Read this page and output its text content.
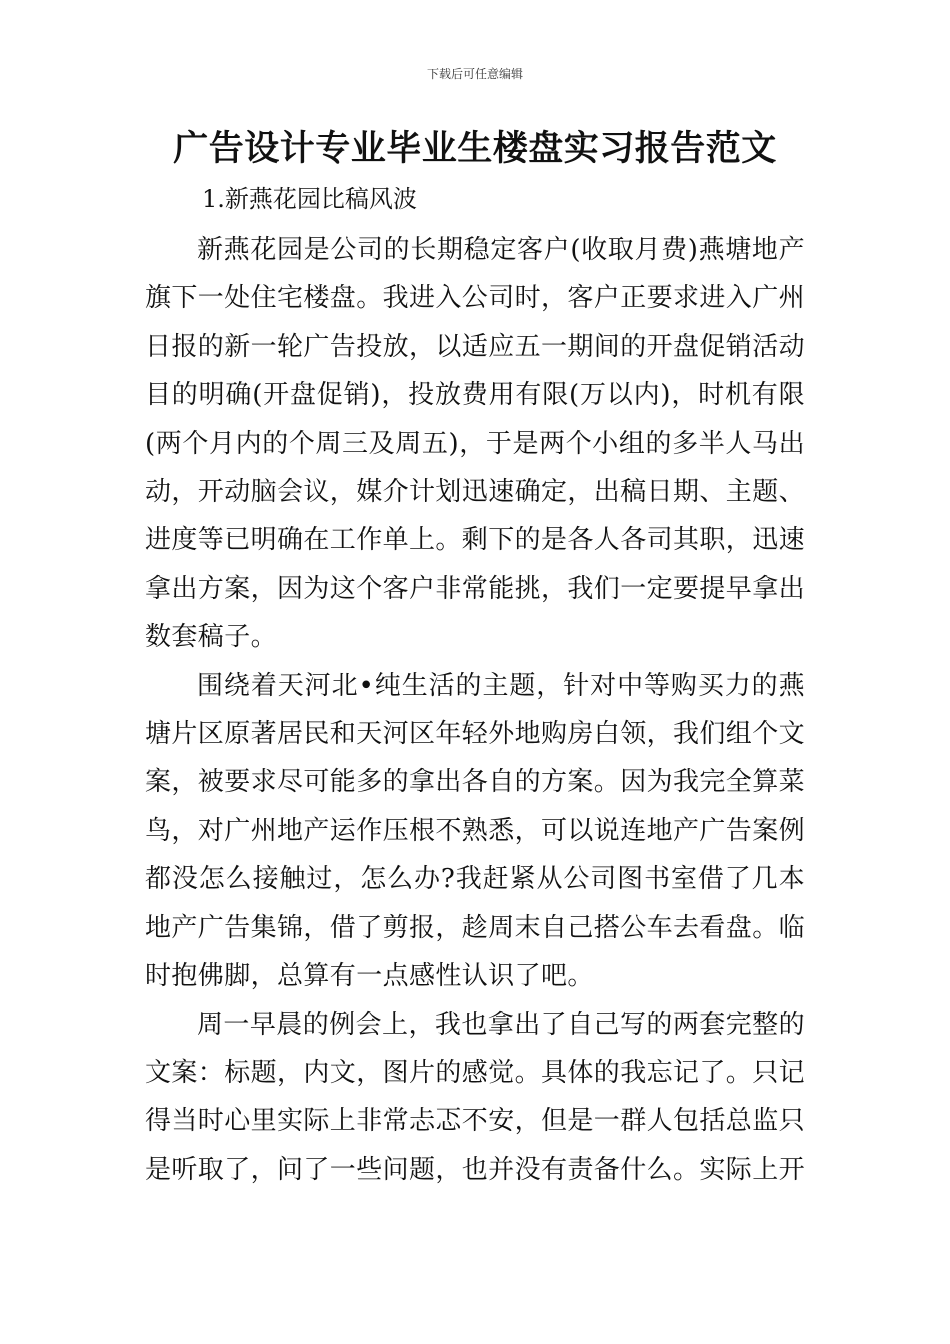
下载后可任意编辑
广告设计专业毕业生楼盘实习报告范文
1.新燕花园比稿风波

新燕花园是公司的长期稳定客户(收取月费)燕塘地产旗下一处住宅楼盘。我进入公司时，客户正要求进入广州日报的新一轮广告投放，以适应五一期间的开盘促销活动目的明确(开盘促销)，投放费用有限(万以内)，时机有限(两个月内的个周三及周五)，于是两个小组的多半人马出动，开动脑会议，媒介计划迅速确定，出稿日期、主题、进度等已明确在工作单上。剩下的是各人各司其职，迅速拿出方案，因为这个客户非常能挑，我们一定要提早拿出数套稿子。

围绕着天河北•纯生活的主题，针对中等购买力的燕塘片区原著居民和天河区年轻外地购房白领，我们组个文案，被要求尽可能多的拿出各自的方案。因为我完全算菜鸟，对广州地产运作压根不熟悉，可以说连地产广告案例都没怎么接触过，怎么办?我赶紧从公司图书室借了几本地产广告集锦，借了剪报，趁周末自己搭公车去看盘。临时抱佛脚，总算有一点感性认识了吧。

周一早晨的例会上，我也拿出了自己写的两套完整的文案：标题，内文，图片的感觉。具体的我忘记了。只记得当时心里实际上非常忐忑不安，但是一群人包括总监只是听取了，问了一些问题，也并没有责备什么。实际上开
